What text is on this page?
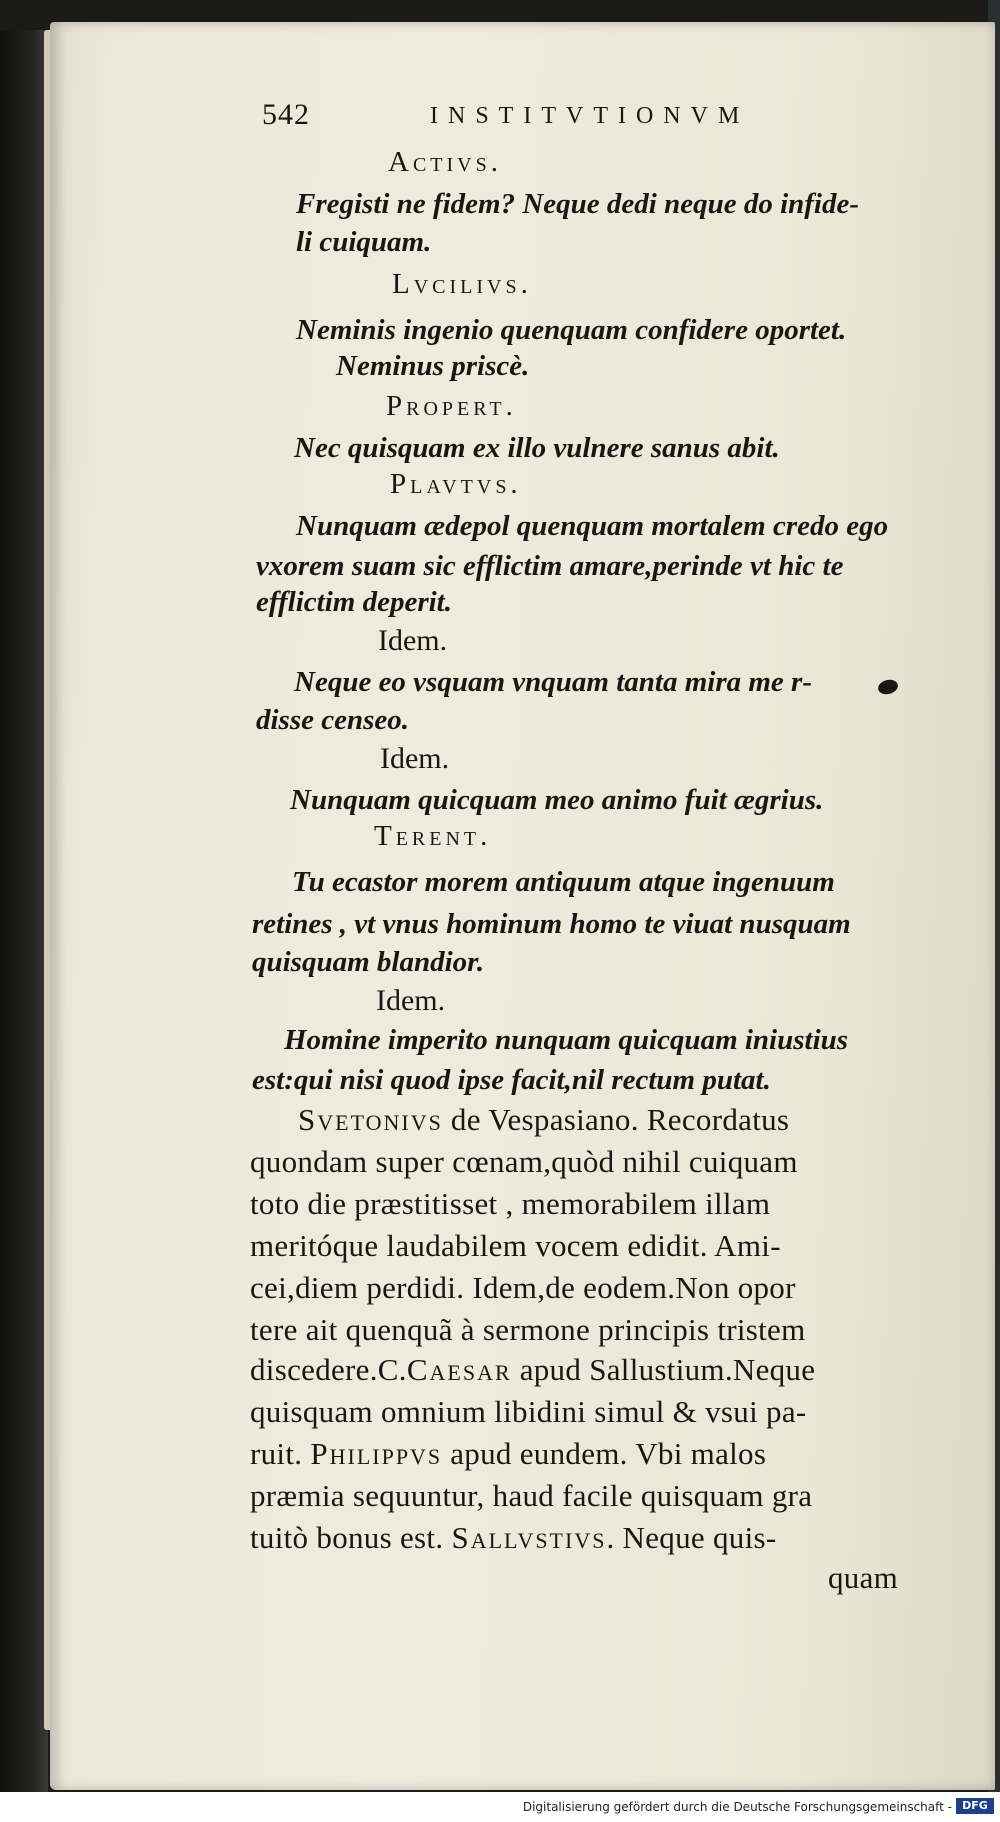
542	INSTITVTIONVM

Activs.

Fregisti ne fidem? Neque dedi neque do infide-

li cuiquam.

Lvcilivs.

Neminis ingenio quenquam confidere oportet.

Neminus priscè.

Propert.

Nec quisquam ex illo vulnere sanus abit.

Plavtvs.

Nunquam ædepol quenquam mortalem credo ego

vxorem suam sic efflictim amare,perinde vt hic te

efflictim deperit.

Idem.

Neque eo vsquam vnquam tanta mira me r-

disse censeo.

Idem.

Nunquam quicquam meo animo fuit ægrius.

Terent.

Tu ecastor morem antiquum atque ingenuum

retines , vt vnus hominum homo te viuat nusquam

quisquam blandior.

Idem.

Homine imperito nunquam quicquam iniustius

est:qui nisi quod ipse facit,nil rectum putat.

Svetonivs de Vespasiano. Recordatus

quondam super cœnam,quòd nihil cuiquam

toto die præstitisset , memorabilem illam

meritóque laudabilem vocem edidit. Ami-

cei,diem perdidi. Idem,de eodem.Non opor

tere ait quenquã à sermone principis tristem

discedere.C.Caesar apud Sallustium.Neque

quisquam omnium libidini simul & vsui pa-

ruit. Philippvs apud eundem. Vbi malos

præmia sequuntur, haud facile quisquam gra

tuitò bonus est. Sallvstivs. Neque quis-

quam

Digitalisierung gefördert durch die Deutsche Forschungsgemeinschaft - DFG
